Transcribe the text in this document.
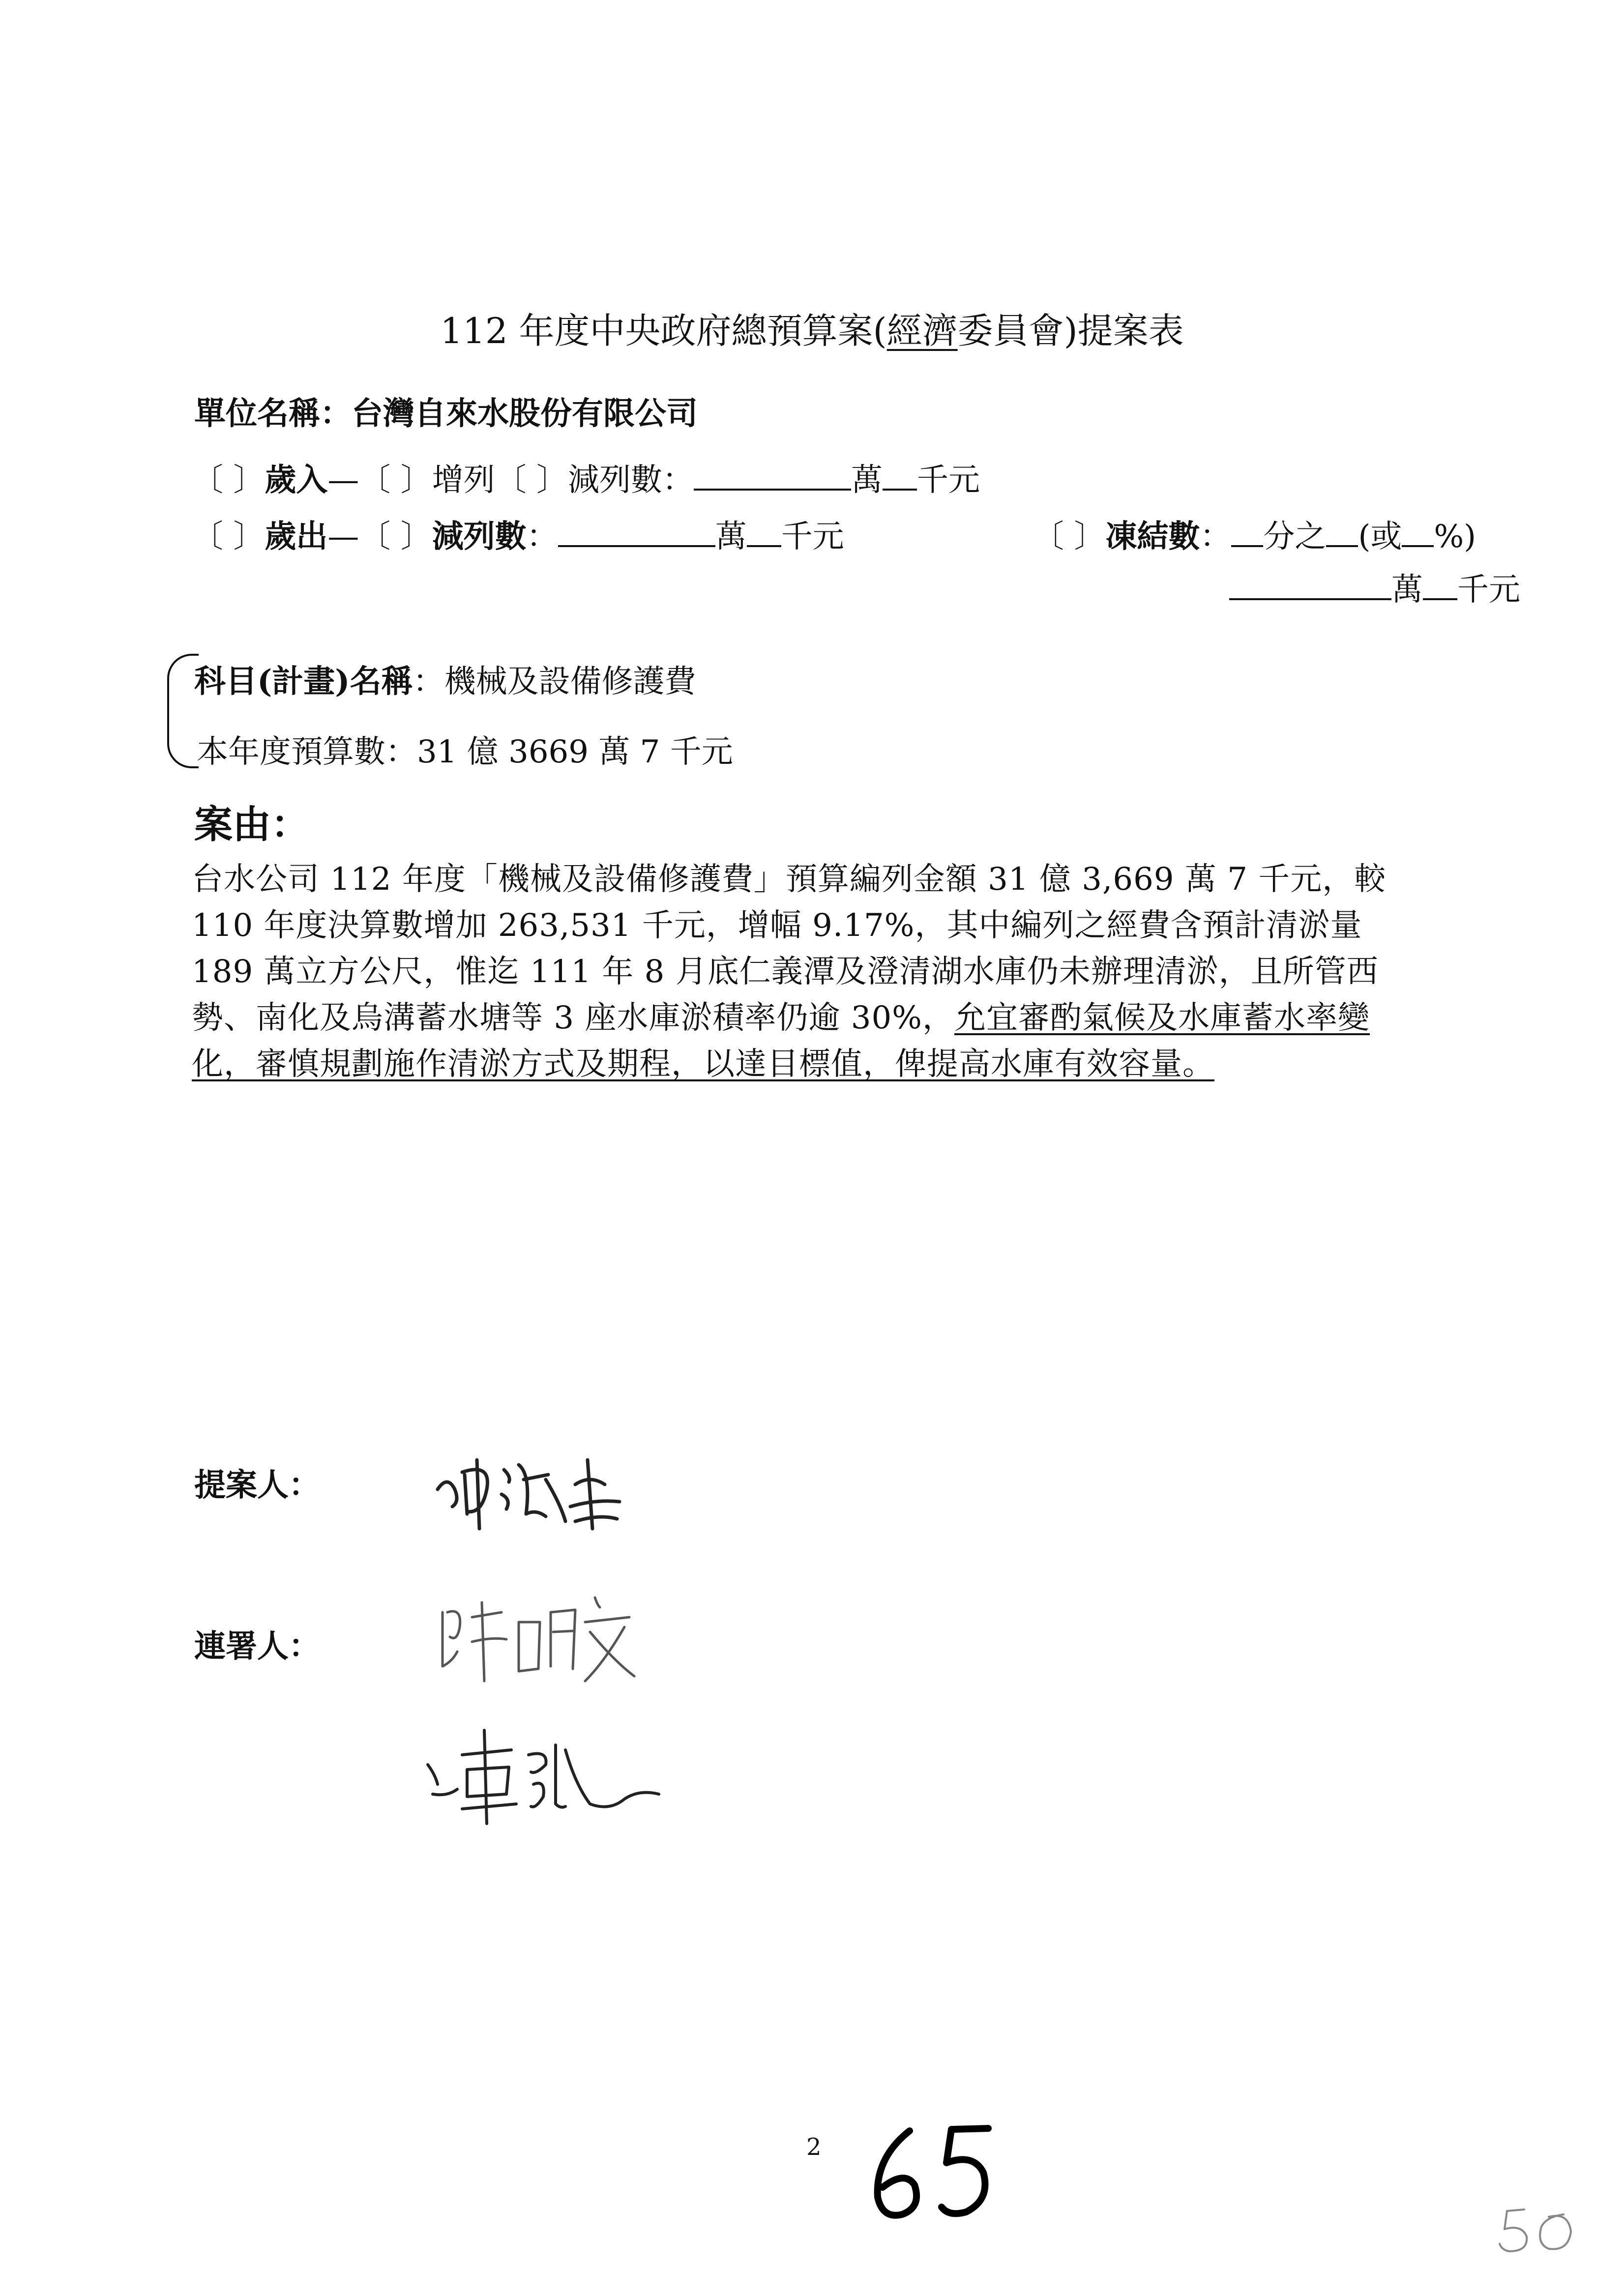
112 年度中央政府總預算案(經濟委員會)提案表
單位名稱：台灣自來水股份有限公司
〔 〕歲入—〔 〕增列〔 〕減列數：	萬 千元
〔 〕歲出—〔 〕減列數：	萬 千元	〔 〕凍結數： 分之 (或 %)
萬 千元
科目(計畫)名稱：機械及設備修護費
本年度預算數：31 億 3669 萬 7 千元
案由：
台水公司 112 年度「機械及設備修護費」預算編列金額 31 億 3,669 萬 7 千元，較 110 年度決算數增加 263,531 千元，增幅 9.17%，其中編列之經費含預計清淤量 189 萬立方公尺，惟迄 111 年 8 月底仁義潭及澄清湖水庫仍未辦理清淤，且所管西勢、南化及烏溝蓄水塘等 3 座水庫淤積率仍逾 30%，允宜審酌氣候及水庫蓄水率變化，審慎規劃施作清淤方式及期程，以達目標值，俾提高水庫有效容量。
提案人：
連署人：
2
